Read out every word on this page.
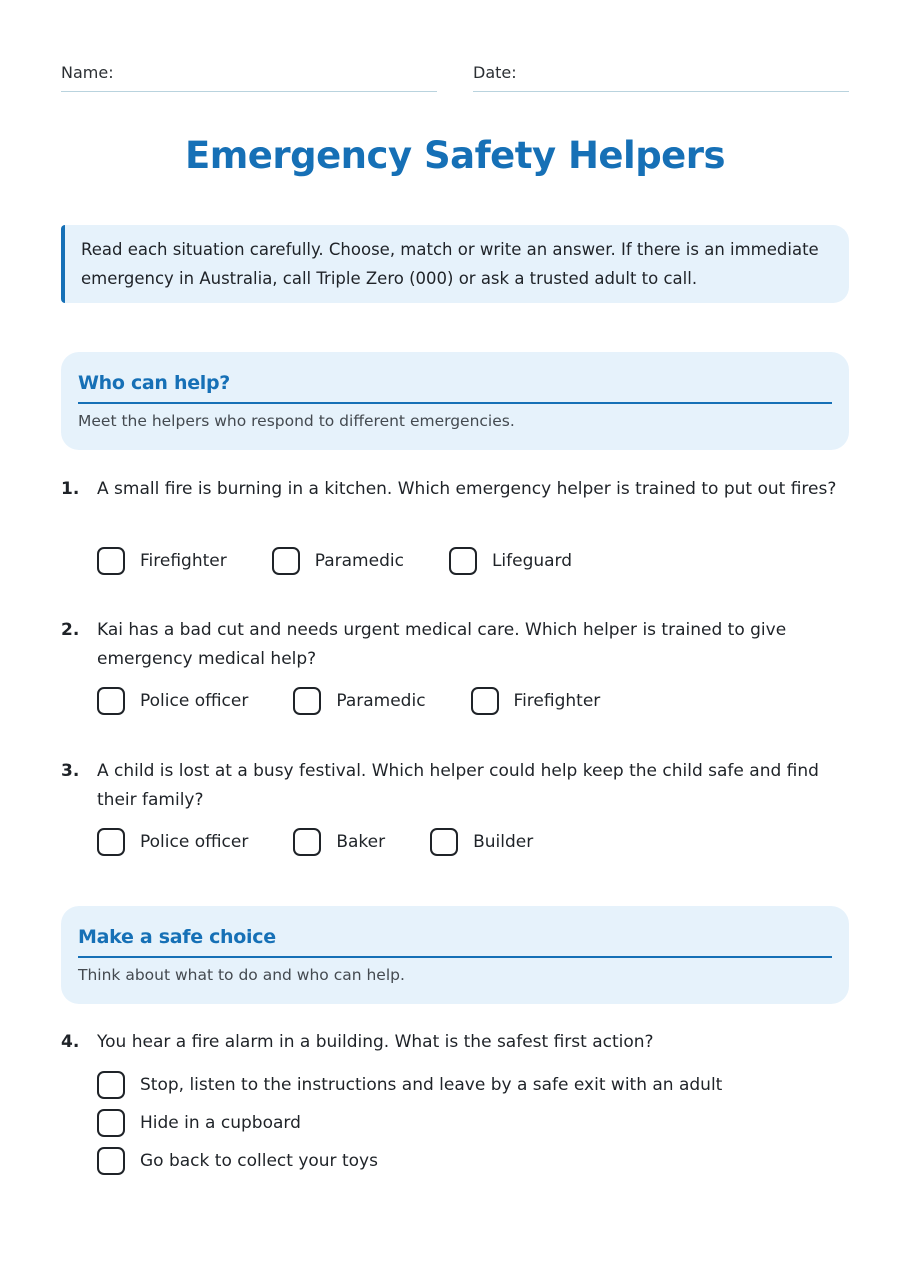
Name:	Date:
Emergency Safety Helpers
Read each situation carefully. Choose, match or write an answer. If there is an immediate emergency in Australia, call Triple Zero (000) or ask a trusted adult to call.
Who can help?
Meet the helpers who respond to different emergencies.
1. A small fire is burning in a kitchen. Which emergency helper is trained to put out fires?
Firefighter	Paramedic	Lifeguard
2. Kai has a bad cut and needs urgent medical care. Which helper is trained to give emergency medical help?
Police officer	Paramedic	Firefighter
3. A child is lost at a busy festival. Which helper could help keep the child safe and find their family?
Police officer	Baker	Builder
Make a safe choice
Think about what to do and who can help.
4. You hear a fire alarm in a building. What is the safest first action?
Stop, listen to the instructions and leave by a safe exit with an adult
Hide in a cupboard
Go back to collect your toys
